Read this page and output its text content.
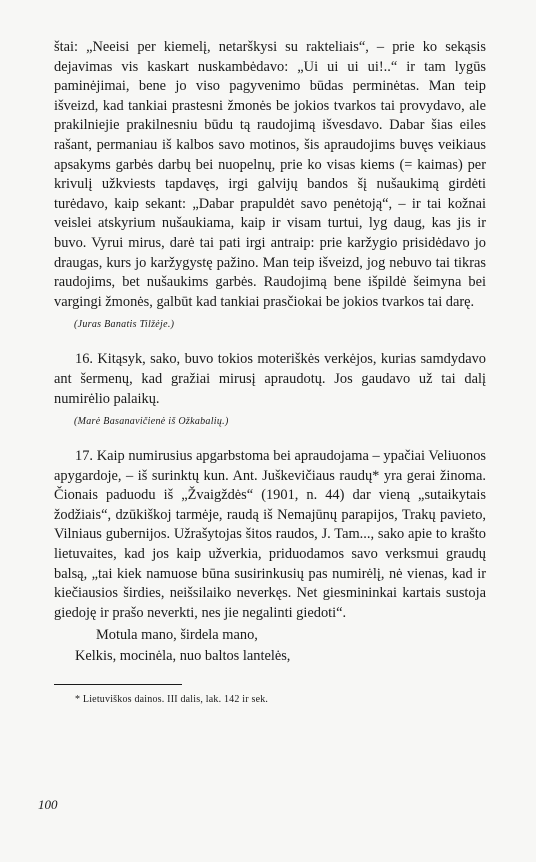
štai: „Neeisi per kiemelį, netarškysi su rakteliais“, – prie ko sekąsis dejavimas vis kaskart nuskambėdavo: „Ui ui ui ui!..“ ir tam lygūs paminėjimai, bene jo viso pagyvenimo būdas perminėtas. Man teip išveizd, kad tankiai prastesni žmonės be jokios tvarkos tai provydavo, ale prakilniejie prakilnesniu būdu tą raudojimą išvesdavo. Dabar šias eiles rašant, permaniau iš kalbos savo motinos, šis apraudojims buvęs veikiaus apsakyms garbės darbų bei nuopelnų, prie ko visas kiems (= kaimas) per krivulį užkviests tapdavęs, irgi galvijų bandos šį nušaukimą girdėti turėdavo, kaip sekant: „Dabar prapuldėt savo penėtoją“, – ir tai kožnai veislei atskyrium nušaukiama, kaip ir visam turtui, lyg daug, kas jis ir buvo. Vyrui mirus, darė tai pati irgi antraip: prie karžygio prisidėdavo jo draugas, kurs jo karžygystę pažino. Man teip išveizd, jog nebuvo tai tikras raudojims, bet nušaukims garbės. Raudojimą bene išpildė šeimyna bei vargingi žmonės, galbūt kad tankiai prasčiokai be jokios tvarkos tai darę.

(Juras Banatis Tilžėje.)

16. Kitąsyk, sako, buvo tokios moteriškės verkėjos, kurias samdydavo ant šermenų, kad gražiai mirusį apraudotų. Jos gaudavo už tai dalį numirėlio palaikų.

(Marė Basanavičienė iš Ožkabalių.)

17. Kaip numirusius apgarbstoma bei apraudojama – ypačiai Veliuonos apygardoje, – iš surinktų kun. Ant. Juškevičiaus raudų* yra gerai žinoma. Čionais paduodu iš „Žvaigždės“ (1901, n. 44) dar vieną „sutaikytais žodžiais“, dzūkiškoj tarmėje, raudą iš Nemajūnų parapijos, Trakų pavieto, Vilniaus gubernijos. Užrašytojas šitos raudos, J. Tam..., sako apie to krašto lietuvaites, kad jos kaip užverkia, priduodamos savo verksmui graudų balsą, „tai kiek namuose būna susirinkusių pas numirėlį, nė vienas, kad ir kiečiausios širdies, neišsilaiko neverkęs. Net giesmininkai kartais sustoja giedoję ir prašo neverkti, nes jie negalinti giedoti“.

Motula mano, širdela mano,

Kelkis, mocinėla, nuo baltos lantelės,

* Lietuviškos dainos. III dalis, lak. 142 ir sek.

100
